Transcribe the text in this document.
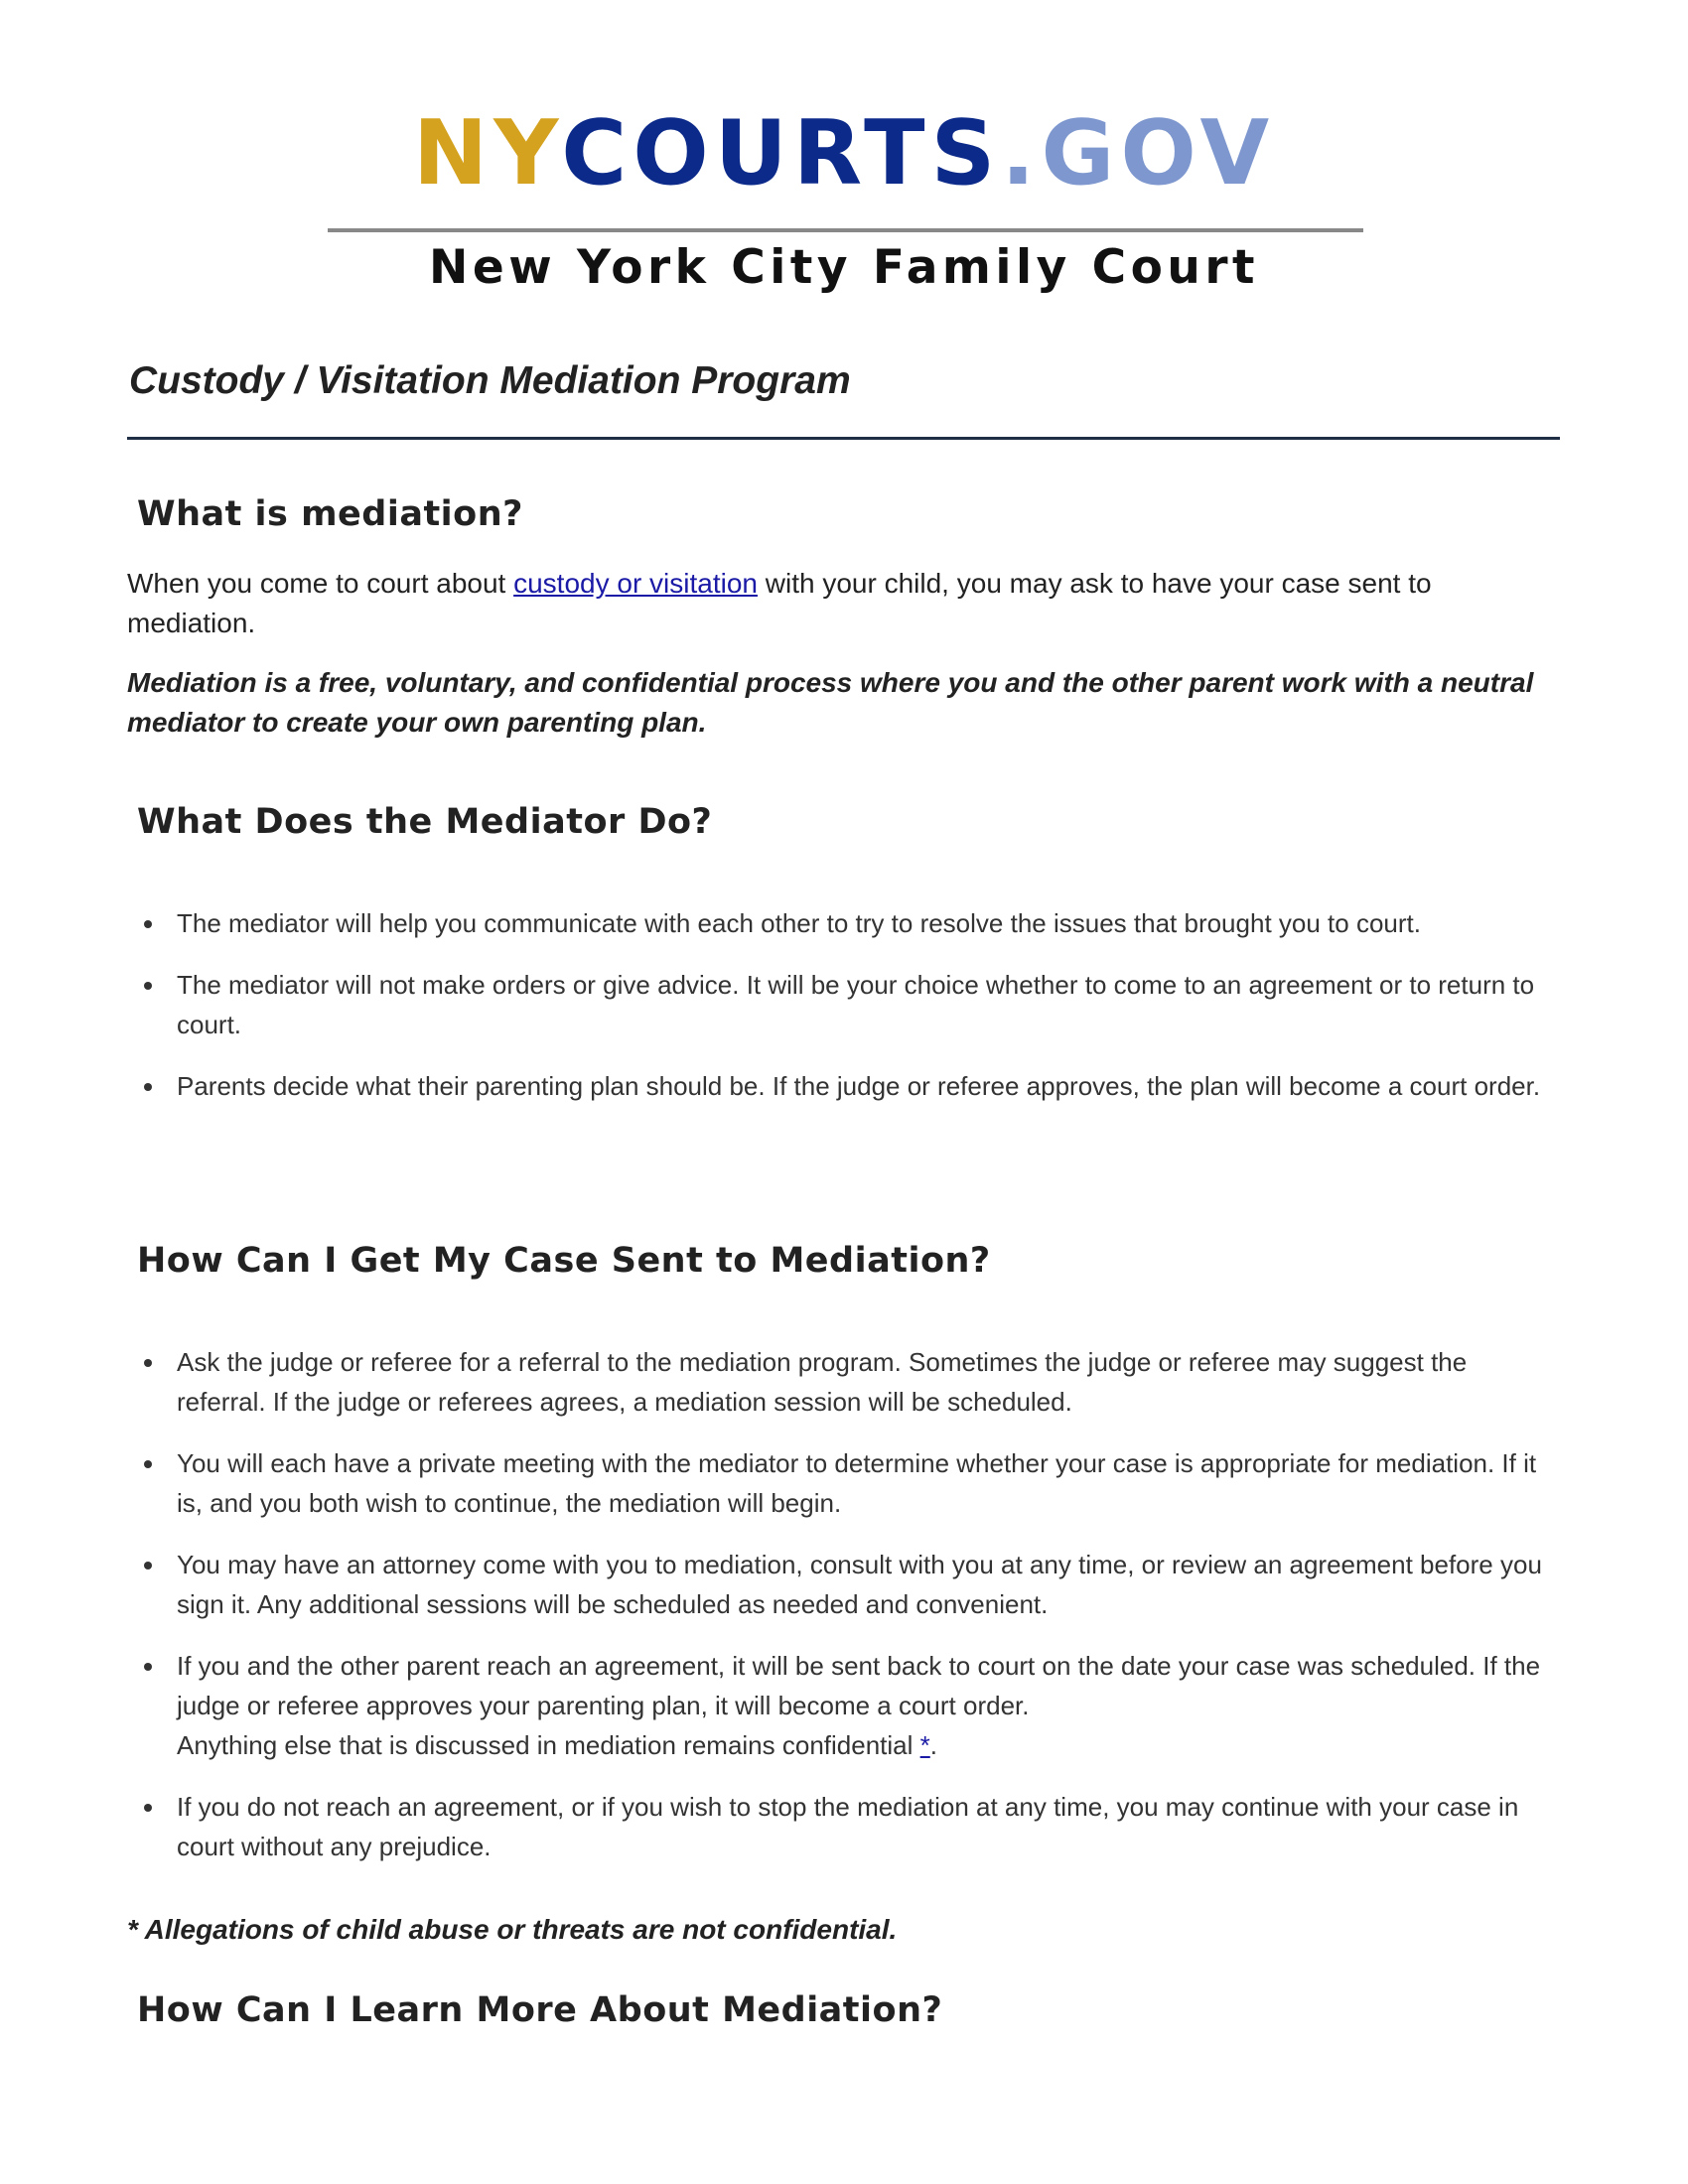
NYCOURTS.GOV
New York City Family Court
Custody / Visitation Mediation Program
What is mediation?

When you come to court about custody or visitation with your child, you may ask to have your case sent to mediation.

Mediation is a free, voluntary, and confidential process where you and the other parent work with a neutral mediator to create your own parenting plan.

What Does the Mediator Do?
The mediator will help you communicate with each other to try to resolve the issues that brought you to court.
The mediator will not make orders or give advice. It will be your choice whether to come to an agreement or to return to court.
Parents decide what their parenting plan should be. If the judge or referee approves, the plan will become a court order.
How Can I Get My Case Sent to Mediation?
Ask the judge or referee for a referral to the mediation program. Sometimes the judge or referee may suggest the referral. If the judge or referees agrees, a mediation session will be scheduled.
You will each have a private meeting with the mediator to determine whether your case is appropriate for mediation. If it is, and you both wish to continue, the mediation will begin.
You may have an attorney come with you to mediation, consult with you at any time, or review an agreement before you sign it. Any additional sessions will be scheduled as needed and convenient.
If you and the other parent reach an agreement, it will be sent back to court on the date your case was scheduled. If the judge or referee approves your parenting plan, it will become a court order.
Anything else that is discussed in mediation remains confidential *.
If you do not reach an agreement, or if you wish to stop the mediation at any time, you may continue with your case in court without any prejudice.
* Allegations of child abuse or threats are not confidential.
How Can I Learn More About Mediation?
